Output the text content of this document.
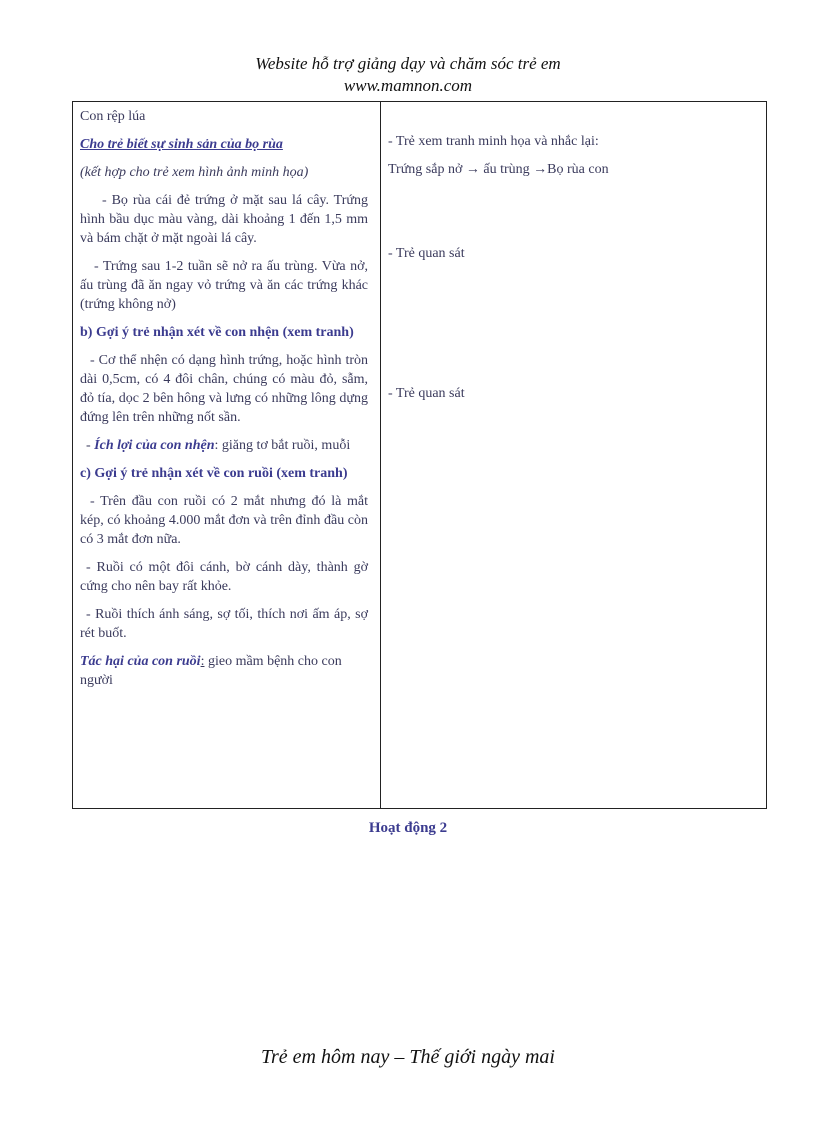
Website hỗ trợ giảng dạy và chăm sóc trẻ em
www.mamnon.com

Con rệp lúa

Cho trẻ biết sự sinh sản của bọ rùa

(kết hợp cho trẻ xem hình ảnh minh họa)

- Bọ rùa cái đẻ trứng ở mặt sau lá cây. Trứng hình bầu dục màu vàng, dài khoảng 1 đến 1,5 mm và bám chặt ở mặt ngoài lá cây.

- Trứng sau 1-2 tuần sẽ nở ra ấu trùng. Vừa nở, ấu trùng đã ăn ngay vỏ trứng và ăn các trứng khác (trứng không nở)

b) Gợi ý trẻ nhận xét về con nhện (xem tranh)

- Cơ thể nhện có dạng hình trứng, hoặc hình tròn dài 0,5cm, có 4 đôi chân, chúng có màu đỏ, sẫm, đỏ tía, dọc 2 bên hông và lưng có những lông dựng đứng lên trên những nốt sần.

- Ích lợi của con nhện: giăng tơ bắt ruồi, muỗi

c) Gợi ý trẻ nhận xét về con ruồi (xem tranh)

- Trên đầu con ruồi có 2 mắt nhưng đó là mắt kép, có khoảng 4.000 mắt đơn và trên đỉnh đầu còn có 3 mắt đơn nữa.

- Ruồi có một đôi cánh, bờ cánh dày, thành gờ cứng cho nên bay rất khỏe.

- Ruồi thích ánh sáng, sợ tối, thích nơi ấm áp, sợ rét buốt.

Tác hại của con ruồi: gieo mầm bệnh cho con người

- Trẻ xem tranh minh họa và nhắc lại:
Trứng sắp nở → ấu trùng →Bọ rùa con
- Trẻ quan sát
- Trẻ quan sát
Hoạt động 2
Trẻ em hôm nay – Thế giới ngày mai
